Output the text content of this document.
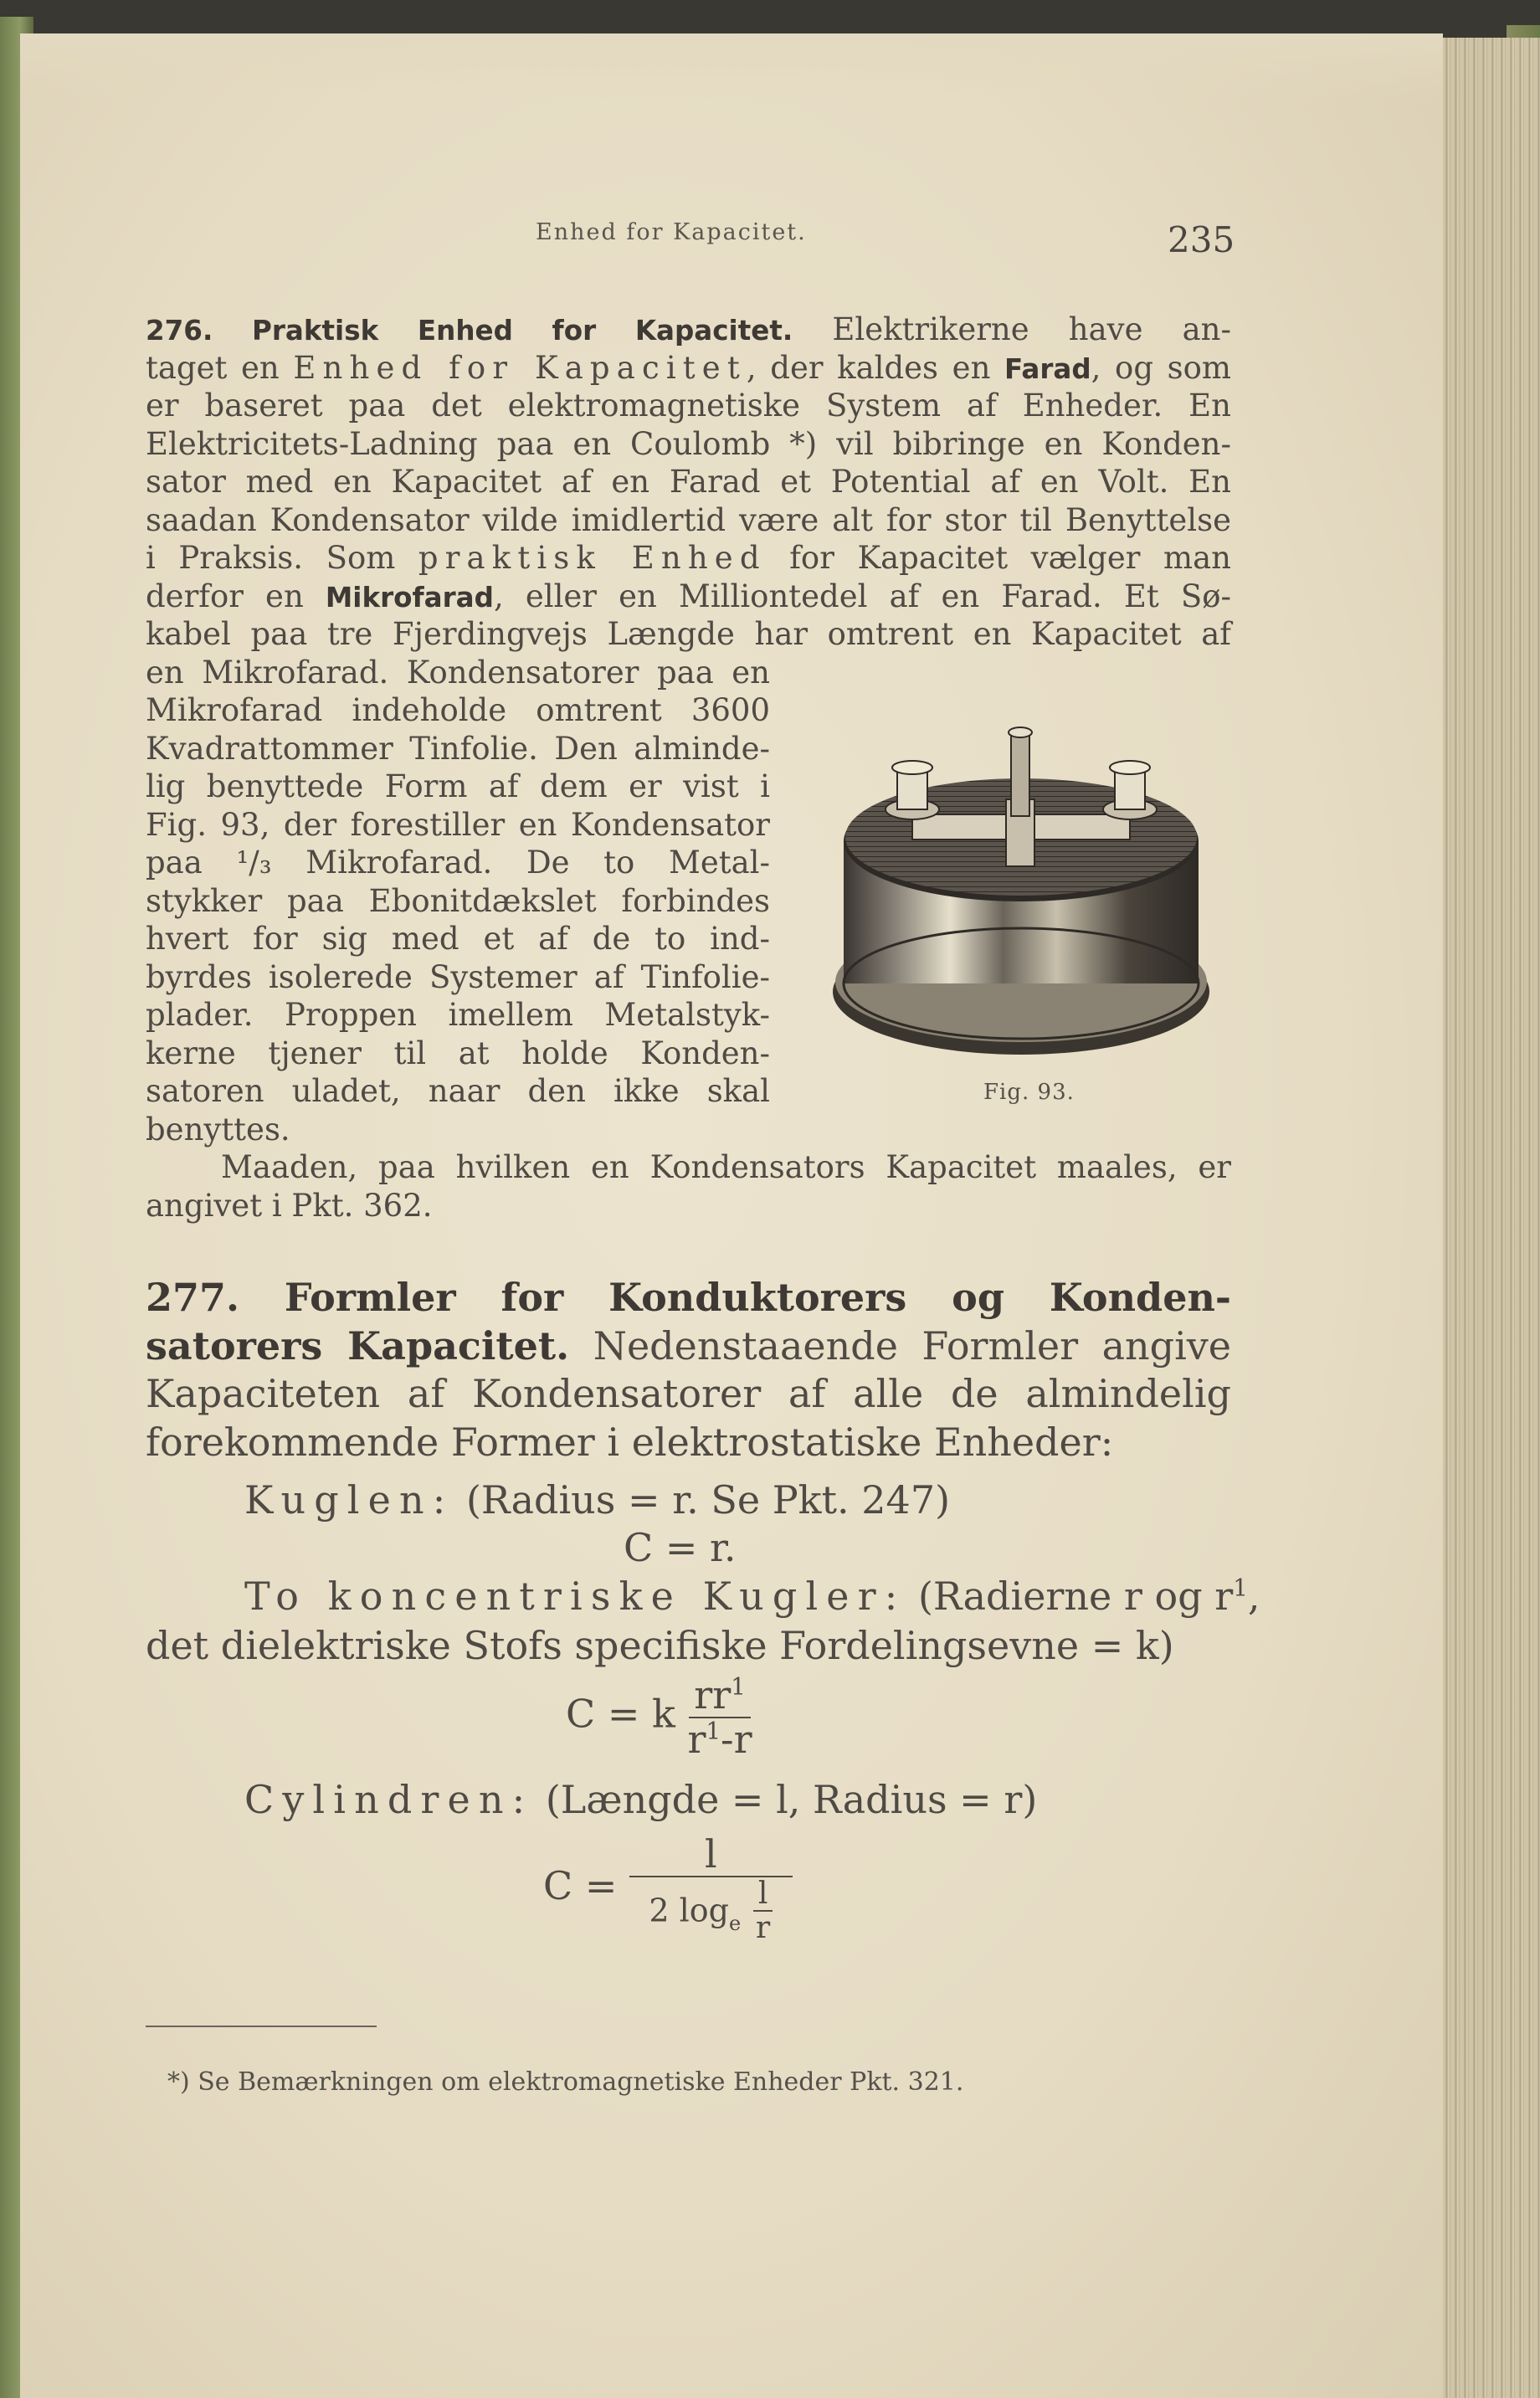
Enhed for Kapacitet.	235
276. Praktisk Enhed for Kapacitet. Elektrikerne have an-
taget en Enhed for Kapacitet, der kaldes en Farad, og som
er baseret paa det elektromagnetiske System af Enheder. En
Elektricitets-Ladning paa en Coulomb *) vil bibringe en Konden-
sator med en Kapacitet af en Farad et Potential af en Volt. En
saadan Kondensator vilde imidlertid være alt for stor til Benyttelse
i Praksis. Som praktisk Enhed for Kapacitet vælger man
derfor en Mikrofarad, eller en Milliontedel af en Farad. Et Sø-
kabel paa tre Fjerdingvejs Længde har omtrent en Kapacitet af
en Mikrofarad. Kondensatorer paa en
Mikrofarad indeholde omtrent 3600
Kvadrattommer Tinfolie. Den alminde-
lig benyttede Form af dem er vist i
Fig. 93, der forestiller en Kondensator
paa ¹/₃ Mikrofarad. De to Metal-
stykker paa Ebonitdækslet forbindes
hvert for sig med et af de to ind-
byrdes isolerede Systemer af Tinfolie-
plader. Proppen imellem Metalstyk-
kerne tjener til at holde Konden-
satoren uladet, naar den ikke skal
benyttes.
Maaden, paa hvilken en Kondensators Kapacitet maales, er
angivet i Pkt. 362.
Fig. 93.
277. Formler for Konduktorers og Konden-
satorers Kapacitet. Nedenstaaende Formler angive
Kapaciteten af Kondensatorer af alle de almindelig
forekommende Former i elektrostatiske Enheder:
Kuglen: (Radius = r. Se Pkt. 247)
C = r.
To koncentriske Kugler: (Radierne r og $r^1$,
det dielektriske Stofs specifiske Fordelingsevne = k)
C = k $\frac{rr^1}{r^1-r}$
Cylindren: (Længde = l, Radius = r)
$C = \frac{l}{2 \log_e \frac{l}{r}}$
*) Se Bemærkningen om elektromagnetiske Enheder Pkt. 321.
